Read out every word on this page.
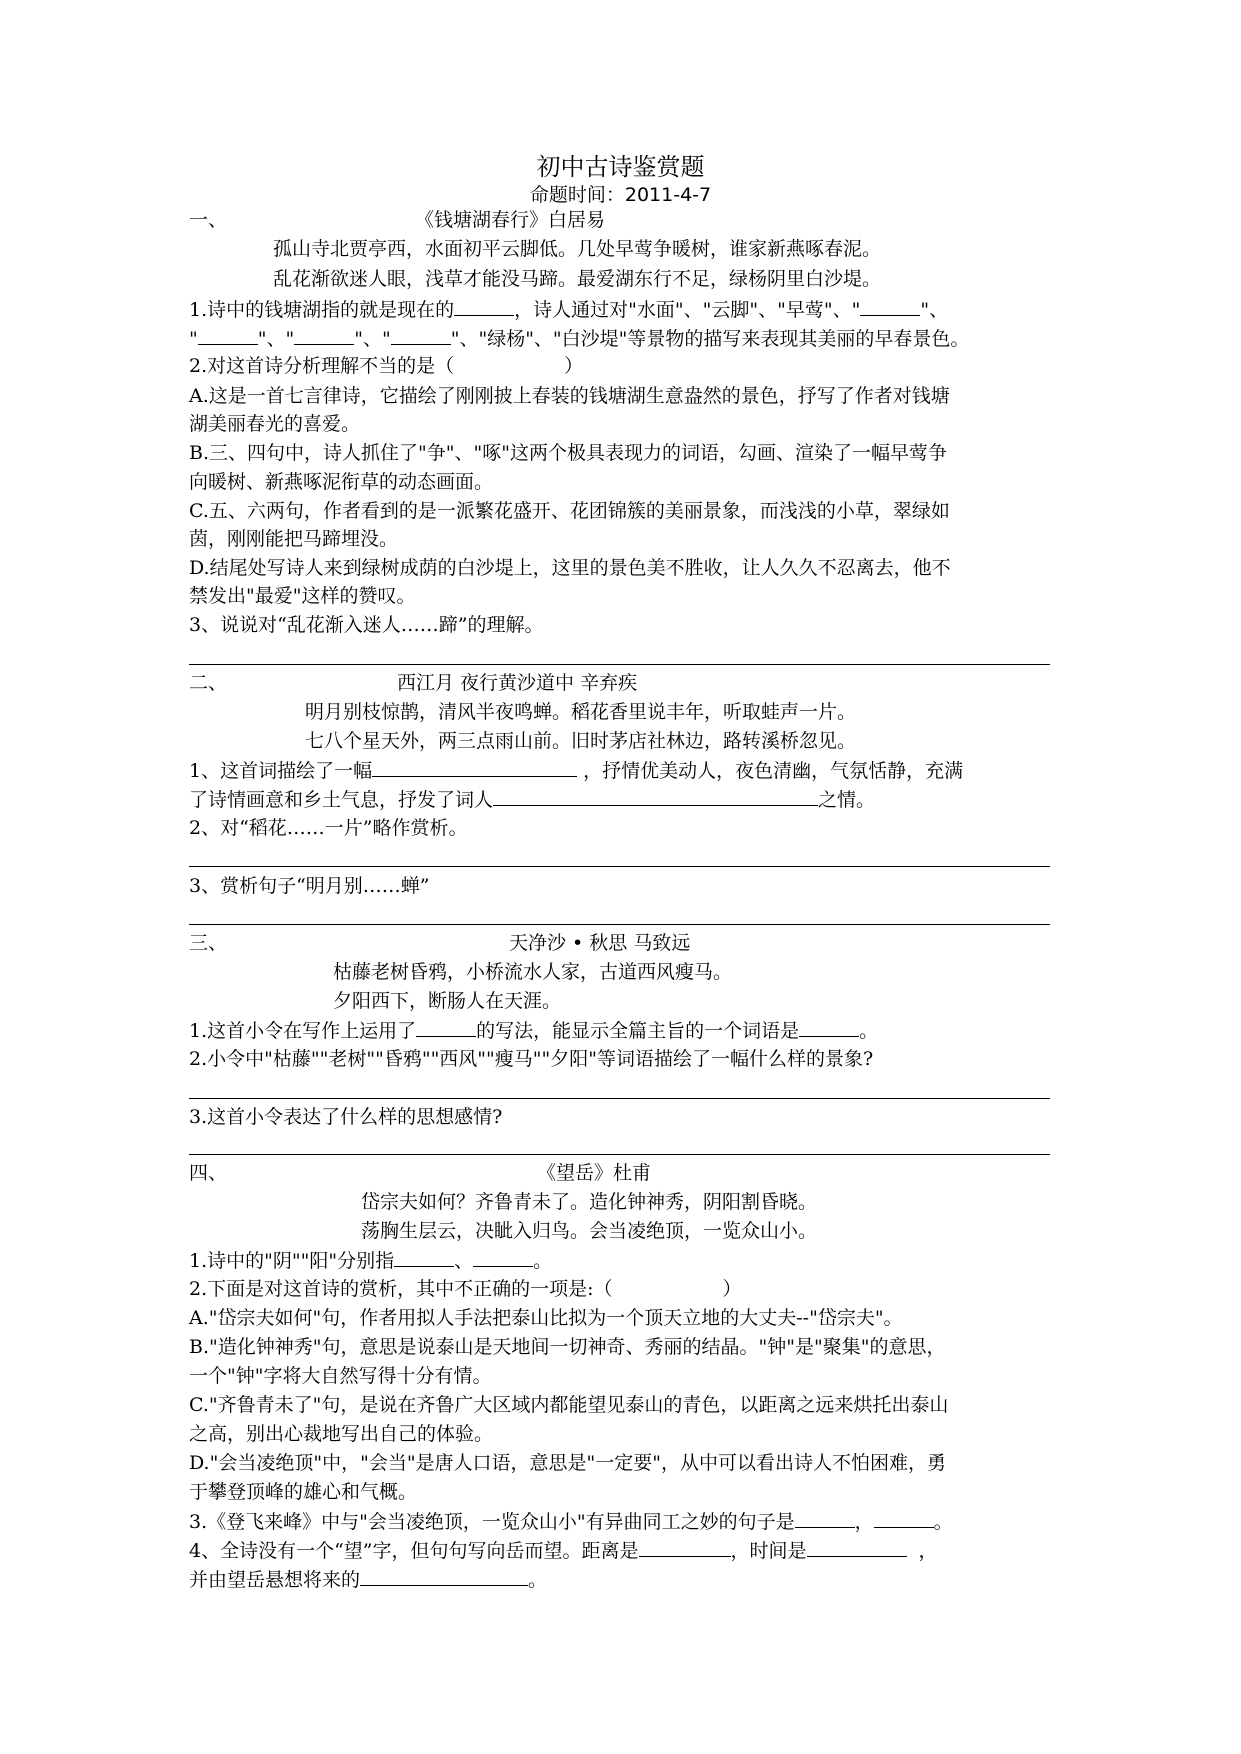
初中古诗鉴赏题
命题时间：2011-4-7
一、	《钱塘湖春行》白居易
孤山寺北贾亭西，水面初平云脚低。几处早莺争暖树，谁家新燕啄春泥。
乱花渐欲迷人眼，浅草才能没马蹄。最爱湖东行不足，绿杨阴里白沙堤。
1.诗中的钱塘湖指的就是现在的	，诗人通过对"水面"、"云脚"、"早莺"、"	"、
"	"、"	"、"	"、"绿杨"、"白沙堤"等景物的描写来表现其美丽的早春景色。
2.对这首诗分析理解不当的是（	）
A.这是一首七言律诗，它描绘了刚刚披上春装的钱塘湖生意盎然的景色，抒写了作者对钱塘
湖美丽春光的喜爱。
B.三、四句中，诗人抓住了"争"、"啄"这两个极具表现力的词语，勾画、渲染了一幅早莺争
向暖树、新燕啄泥衔草的动态画面。
C.五、六两句，作者看到的是一派繁花盛开、花团锦簇的美丽景象，而浅浅的小草，翠绿如
茵，刚刚能把马蹄埋没。
D.结尾处写诗人来到绿树成荫的白沙堤上，这里的景色美不胜收，让人久久不忍离去，他不
禁发出"最爱"这样的赞叹。
3、说说对“乱花渐入迷人……蹄”的理解。
二、	西江月 夜行黄沙道中 辛弃疾
明月别枝惊鹊，清风半夜鸣蝉。稻花香里说丰年，听取蛙声一片。
七八个星天外，两三点雨山前。旧时茅店社林边，路转溪桥忽见。
1、这首词描绘了一幅	，抒情优美动人，夜色清幽，气氛恬静，充满
了诗情画意和乡土气息，抒发了词人	之情。
2、对“稻花……一片”略作赏析。
3、赏析句子“明月别……蝉”
三、	天净沙 • 秋思 马致远
枯藤老树昏鸦，小桥流水人家，古道西风瘦马。
夕阳西下，断肠人在天涯。
1.这首小令在写作上运用了	的写法，能显示全篇主旨的一个词语是	。
2.小令中"枯藤""老树""昏鸦""西风""瘦马""夕阳"等词语描绘了一幅什么样的景象?
3.这首小令表达了什么样的思想感情?
四、	《望岳》杜甫
岱宗夫如何？齐鲁青未了。造化钟神秀，阴阳割昏晓。
荡胸生层云，决眦入归鸟。会当凌绝顶，一览众山小。
1.诗中的"阴""阳"分别指	、	。
2.下面是对这首诗的赏析，其中不正确的一项是:（	）
A."岱宗夫如何"句，作者用拟人手法把泰山比拟为一个顶天立地的大丈夫--"岱宗夫"。
B."造化钟神秀"句，意思是说泰山是天地间一切神奇、秀丽的结晶。"钟"是"聚集"的意思，
一个"钟"字将大自然写得十分有情。
C."齐鲁青未了"句，是说在齐鲁广大区域内都能望见泰山的青色，以距离之远来烘托出泰山
之高，别出心裁地写出自己的体验。
D."会当凌绝顶"中，"会当"是唐人口语，意思是"一定要"，从中可以看出诗人不怕困难，勇
于攀登顶峰的雄心和气概。
3.《登飞来峰》中与"会当凌绝顶，一览众山小"有异曲同工之妙的句子是	，	。
4、全诗没有一个“望”字，但句句写向岳而望。距离是	，时间是	，
并由望岳悬想将来的	。
